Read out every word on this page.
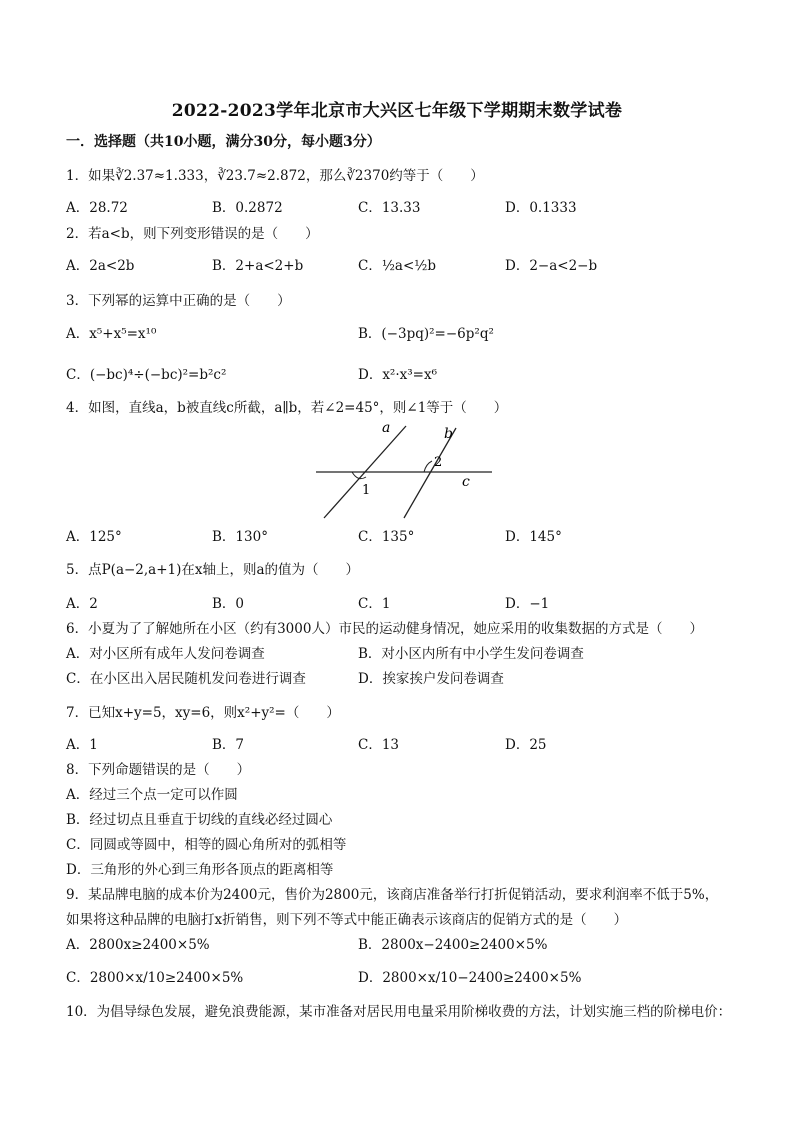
2022-2023学年北京市大兴区七年级下学期期末数学试卷
一．选择题（共10小题，满分30分，每小题3分）
1．如果∛2.37≈1.333，∛23.7≈2.872，那么∛2370约等于（　　）
A．28.72	B．0.2872	C．13.33	D．0.1333
2．若a<b，则下列变形错误的是（　　）
A．2a<2b	B．2+a<2+b	C．½a<½b	D．2−a<2−b
3．下列幂的运算中正确的是（　　）
A．x⁵+x⁵=x¹⁰	B．(−3pq)²=−6p²q²
C．(−bc)⁴÷(−bc)²=b²c²	D．x²·x³=x⁶
4．如图，直线a，b被直线c所截，a∥b，若∠2=45°，则∠1等于（　　）
a	b
c
1
2
A．125°	B．130°	C．135°	D．145°
5．点P(a−2,a+1)在x轴上，则a的值为（　　）
A．2	B．0	C．1	D．−1
6．小夏为了了解她所在小区（约有3000人）市民的运动健身情况，她应采用的收集数据的方式是（　　）
A．对小区所有成年人发问卷调查	B．对小区内所有中小学生发问卷调查
C．在小区出入居民随机发问卷进行调查	D．挨家挨户发问卷调查
7．已知x+y=5，xy=6，则x²+y²=（　　）
A．1	B．7	C．13	D．25
8．下列命题错误的是（　　）
A．经过三个点一定可以作圆
B．经过切点且垂直于切线的直线必经过圆心
C．同圆或等圆中，相等的圆心角所对的弧相等
D．三角形的外心到三角形各顶点的距离相等
9．某品牌电脑的成本价为2400元，售价为2800元，该商店准备举行打折促销活动，要求利润率不低于5%，
如果将这种品牌的电脑打x折销售，则下列不等式中能正确表示该商店的促销方式的是（　　）
A．2800x≥2400×5%	B．2800x−2400≥2400×5%
C．2800×x/10≥2400×5%	D．2800×x/10−2400≥2400×5%
10．为倡导绿色发展，避免浪费能源，某市准备对居民用电量采用阶梯收费的方法，计划实施三档的阶梯电价：
